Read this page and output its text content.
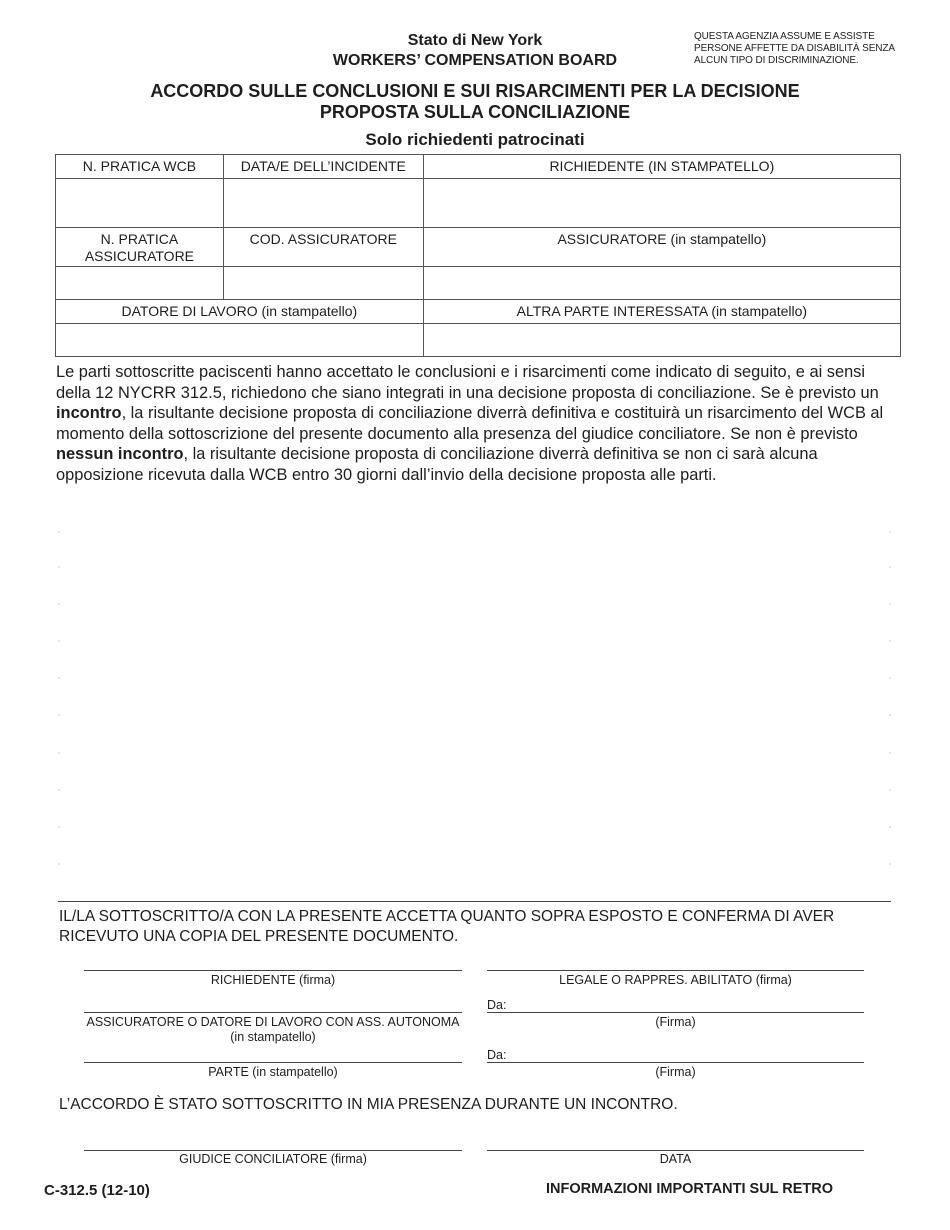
Stato di New York
WORKERS’ COMPENSATION BOARD
QUESTA AGENZIA ASSUME E ASSISTE
PERSONE AFFETTE DA DISABILITÀ SENZA
ALCUN TIPO DI DISCRIMINAZIONE.
ACCORDO SULLE CONCLUSIONI E SUI RISARCIMENTI PER LA DECISIONE
PROPOSTA SULLA CONCILIAZIONE
Solo richiedenti patrocinati
N. PRATICA WCB	DATA/E DELL’INCIDENTE	RICHIEDENTE (IN STAMPATELLO)

N. PRATICA
ASSICURATORE	COD. ASSICURATORE	ASSICURATORE (in stampatello)

DATORE DI LAVORO (in stampatello)		ALTRA PARTE INTERESSATA (in stampatello)

Le parti sottoscritte paciscenti hanno accettato le conclusioni e i risarcimenti come indicato di seguito, e ai sensi della 12 NYCRR 312.5, richiedono che siano integrati in una decisione proposta di conciliazione. Se è previsto un incontro, la risultante decisione proposta di conciliazione diverrà definitiva e costituirà un risarcimento del WCB al momento della sottoscrizione del presente documento alla presenza del giudice conciliatore. Se non è previsto nessun incontro, la risultante decisione proposta di conciliazione diverrà definitiva se non ci sarà alcuna opposizione ricevuta dalla WCB entro 30 giorni dall’invio della decisione proposta alle parti.
IL/LA SOTTOSCRITTO/A CON LA PRESENTE ACCETTA QUANTO SOPRA ESPOSTO E CONFERMA DI AVER
RICEVUTO UNA COPIA DEL PRESENTE DOCUMENTO.
RICHIEDENTE (firma)	LEGALE O RAPPRES. ABILITATO (firma)
Da:
ASSICURATORE O DATORE DI LAVORO CON ASS. AUTONOMA
(in stampatello)
(Firma)
Da:
PARTE (in stampatello)	(Firma)
L’ACCORDO È STATO SOTTOSCRITTO IN MIA PRESENZA DURANTE UN INCONTRO.
GIUDICE CONCILIATORE (firma)	DATA
C-312.5 (12-10)	INFORMAZIONI IMPORTANTI SUL RETRO
